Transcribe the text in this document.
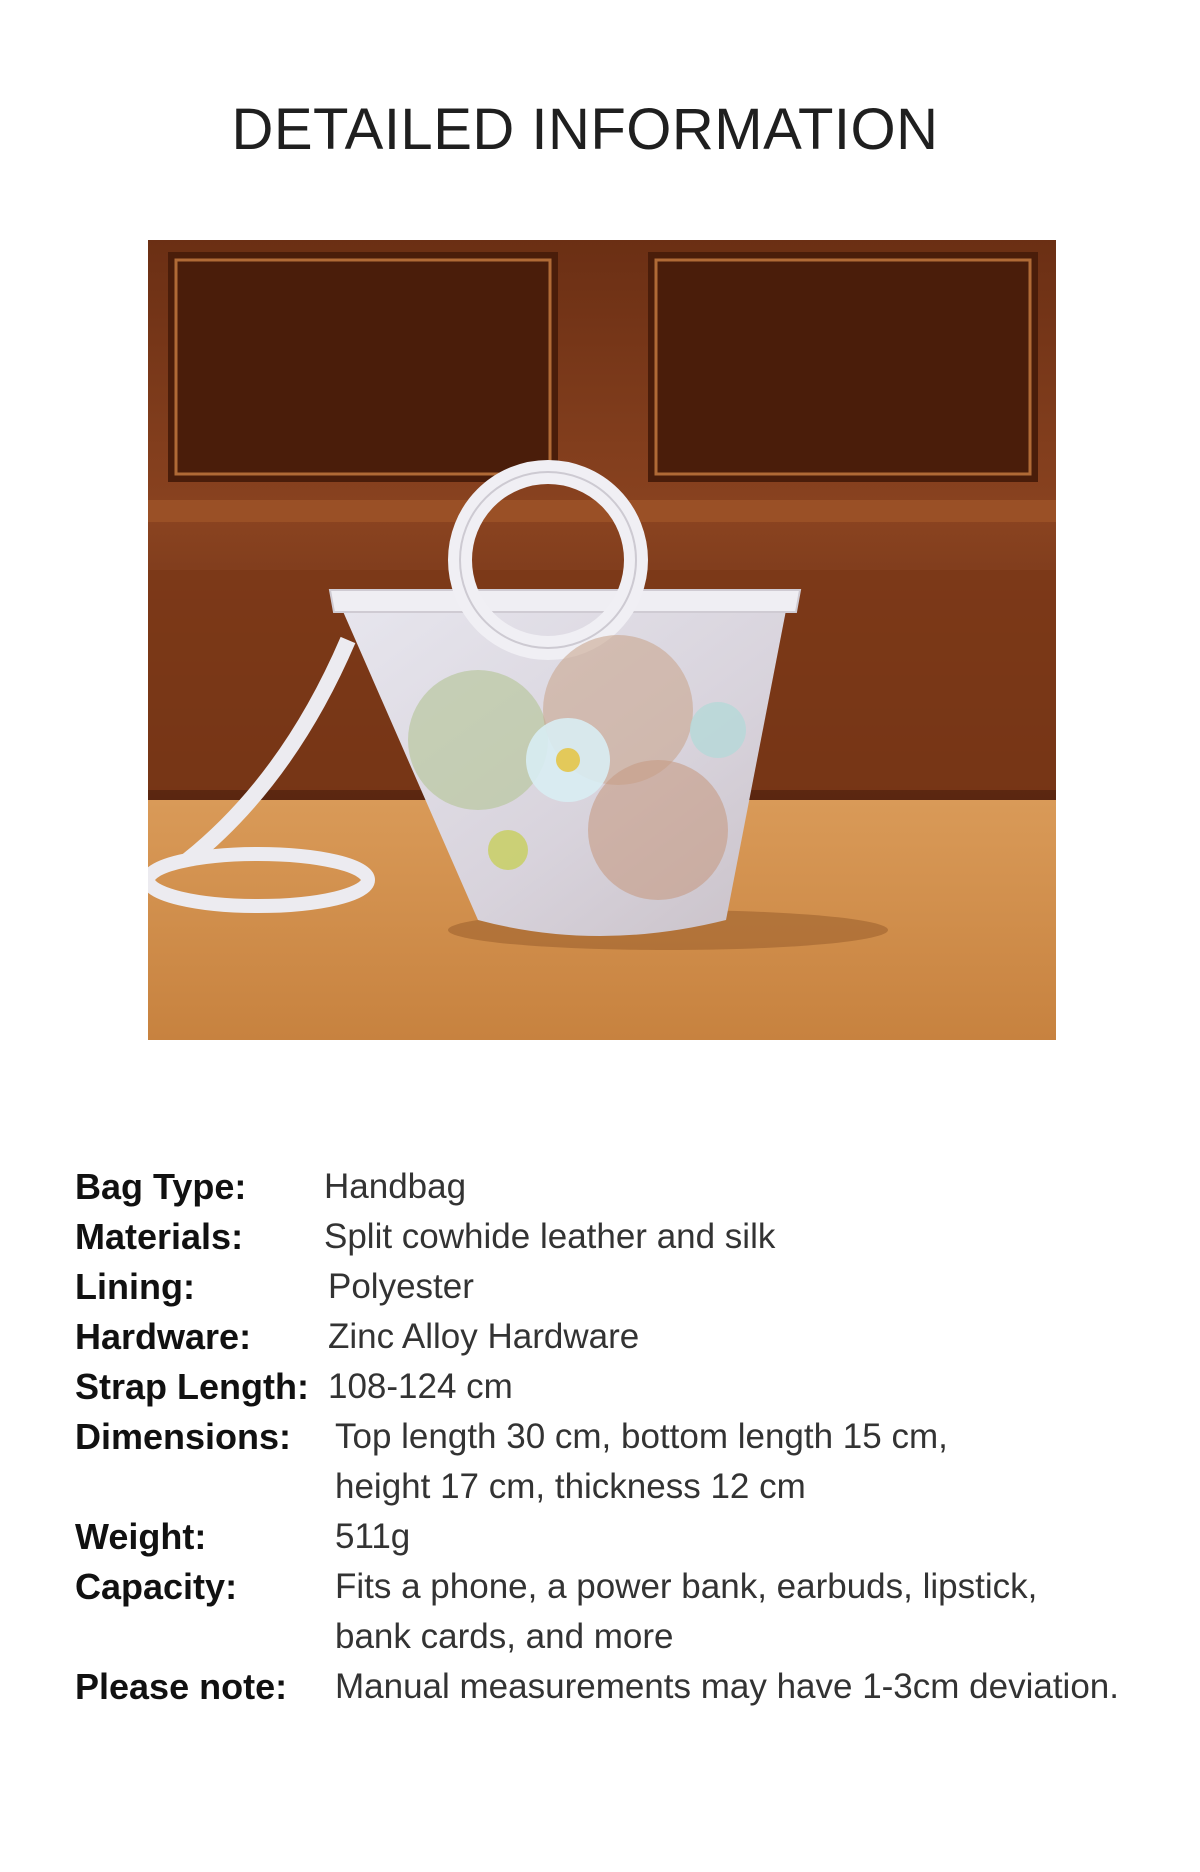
DETAILED INFORMATION
Bag Type:	Handbag
Materials:	Split cowhide leather and silk
Lining:	Polyester
Hardware:	Zinc Alloy Hardware
Strap Length: 108-124 cm
Dimensions:	Top length 30 cm, bottom length 15 cm,
height 17 cm, thickness 12 cm
Weight:	511g
Capacity:	Fits a phone, a power bank, earbuds, lipstick,
bank cards, and more
Please note:	Manual measurements may have 1-3cm deviation.
